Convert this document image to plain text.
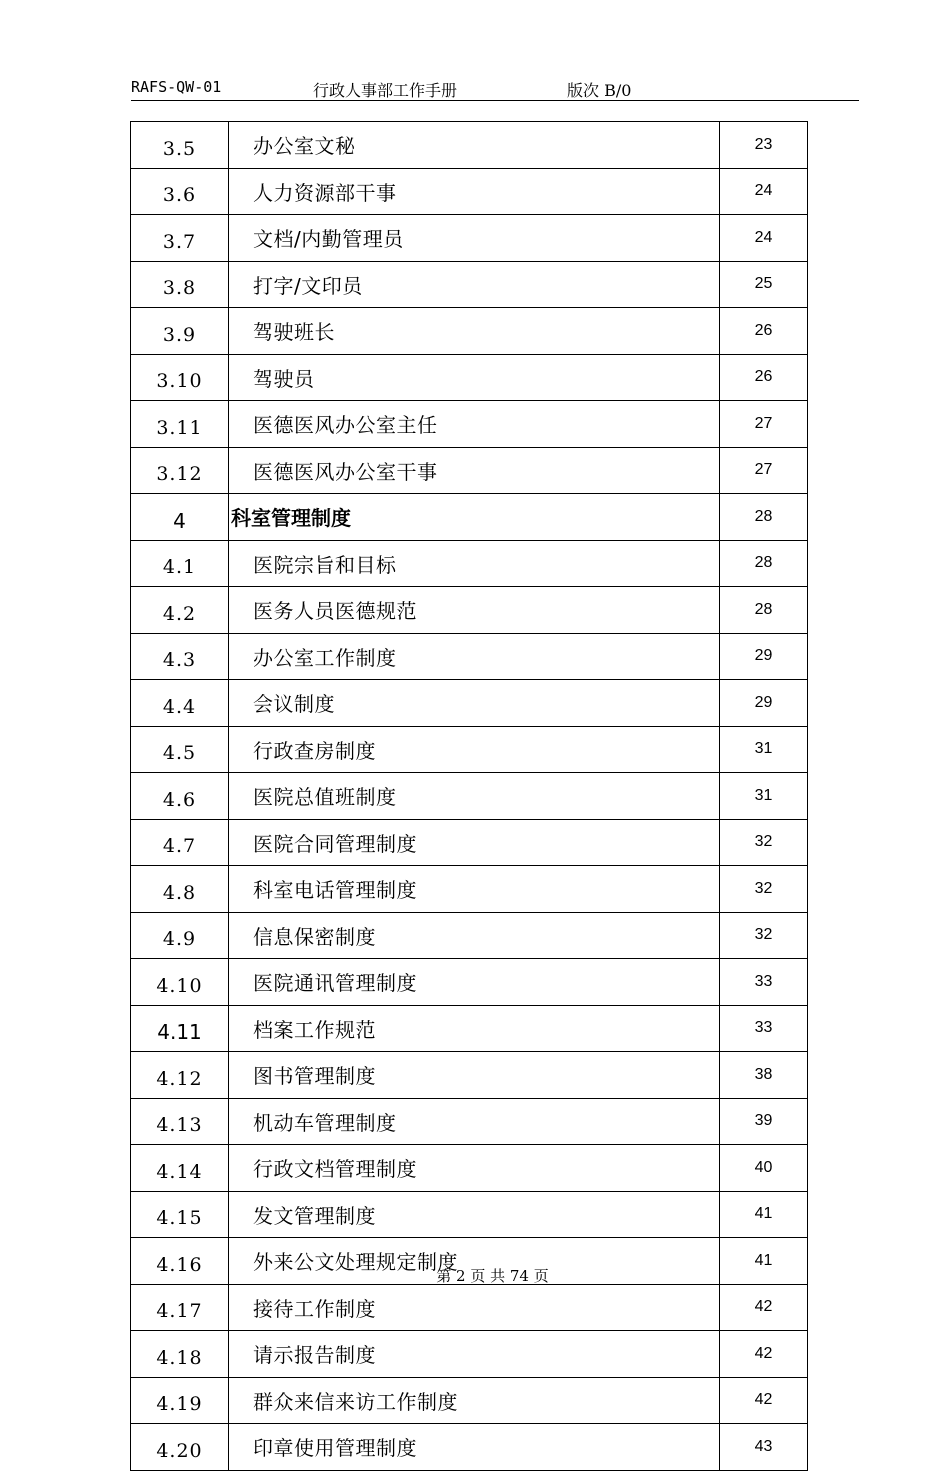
RAFS-QW-01	行政人事部工作手册	版次 B/0
3.5	办公室文秘	23
3.6	人力资源部干事	24
3.7	文档/内勤管理员	24
3.8	打字/文印员	25
3.9	驾驶班长	26
3.10	驾驶员	26
3.11	医德医风办公室主任	27
3.12	医德医风办公室干事	27
4	科室管理制度	28
4.1	医院宗旨和目标	28
4.2	医务人员医德规范	28
4.3	办公室工作制度	29
4.4	会议制度	29
4.5	行政查房制度	31
4.6	医院总值班制度	31
4.7	医院合同管理制度	32
4.8	科室电话管理制度	32
4.9	信息保密制度	32
4.10	医院通讯管理制度	33
4.11	档案工作规范	33
4.12	图书管理制度	38
4.13	机动车管理制度	39
4.14	行政文档管理制度	40
4.15	发文管理制度	41
4.16	外来公文处理规定制度	41
4.17	接待工作制度	42
4.18	请示报告制度	42
4.19	群众来信来访工作制度	42
4.20	印章使用管理制度	43
第 2 页 共 74 页
